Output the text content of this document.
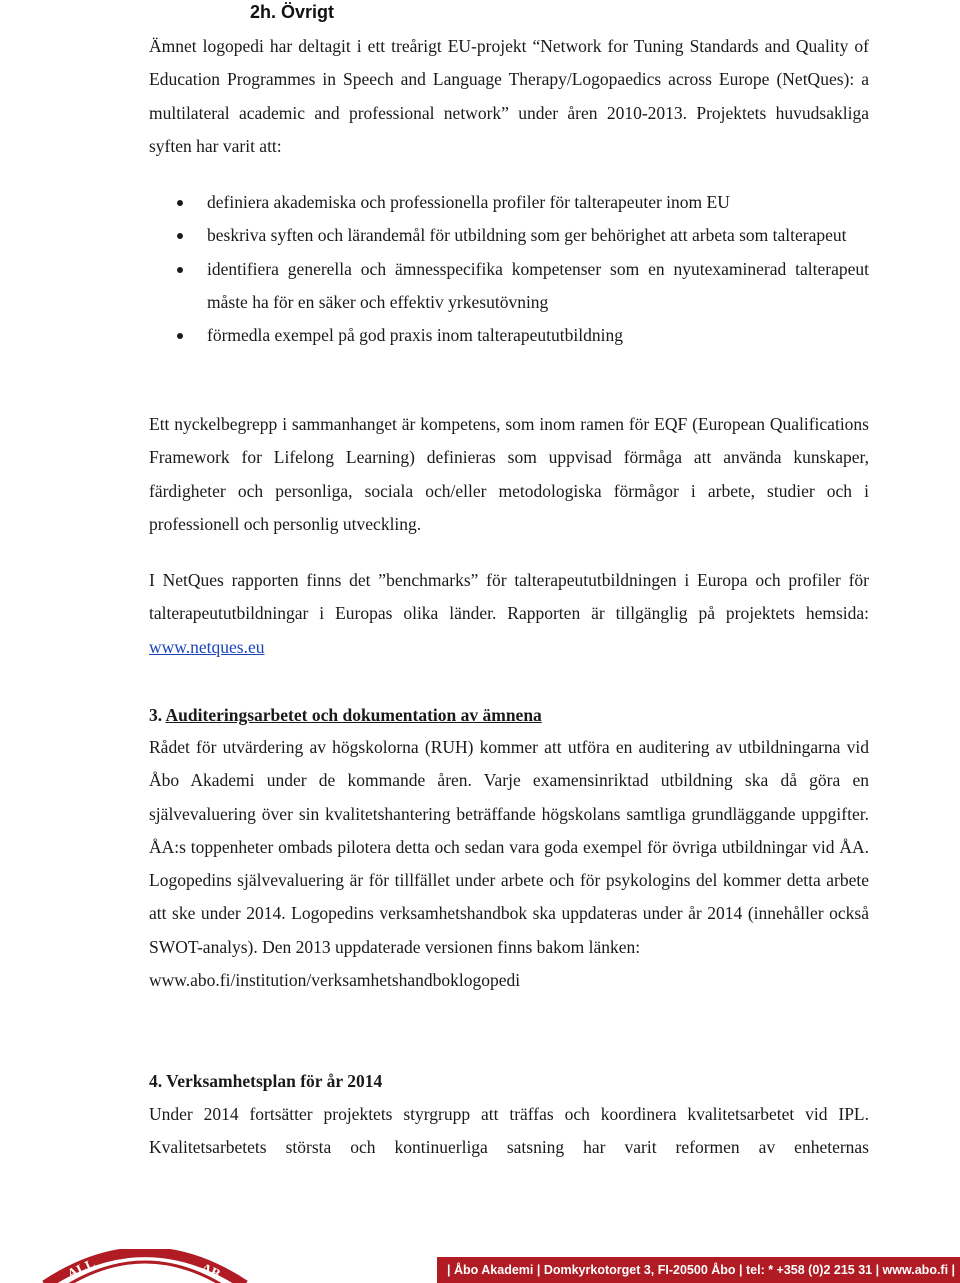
2h. Övrigt
Ämnet logopedi har deltagit i ett treårigt EU-projekt “Network for Tuning Standards and Quality of Education Programmes in Speech and Language Therapy/Logopaedics across Europe (NetQues): a multilateral academic and professional network” under åren 2010-2013. Projektets huvudsakliga syften har varit att:
definiera akademiska och professionella profiler för talterapeuter inom EU
beskriva syften och lärandemål för utbildning som ger behörighet att arbeta som talterapeut
identifiera generella och ämnesspecifika kompetenser som en nyutexaminerad talterapeut måste ha för en säker och effektiv yrkesutövning
förmedla exempel på god praxis inom talterapeututbildning
Ett nyckelbegrepp i sammanhanget är kompetens, som inom ramen för EQF (European Qualifications Framework for Lifelong Learning) definieras som uppvisad förmåga att använda kunskaper, färdigheter och personliga, sociala och/eller metodologiska förmågor i arbete, studier och i professionell och personlig utveckling.
I NetQues rapporten finns det ”benchmarks” för talterapeututbildningen i Europa och profiler för talterapeututbildningar i Europas olika länder. Rapporten är tillgänglig på projektets hemsida: www.netques.eu
3. Auditeringsarbetet och dokumentation av ämnena
Rådet för utvärdering av högskolorna (RUH) kommer att utföra en auditering av utbildningarna vid Åbo Akademi under de kommande åren. Varje examensinriktad utbildning ska då göra en självevaluering över sin kvalitetshantering beträffande högskolans samtliga grundläggande uppgifter. ÅA:s toppenheter ombads pilotera detta och sedan vara goda exempel för övriga utbildningar vid ÅA. Logopedins självevaluering är för tillfället under arbete och för psykologins del kommer detta arbete att ske under 2014. Logopedins verksamhetshandbok ska uppdateras under år 2014 (innehåller också SWOT-analys). Den 2013 uppdaterade versionen finns bakom länken:
www.abo.fi/institution/verksamhetshandboklogopedi
4. Verksamhetsplan för år 2014
Under 2014 fortsätter projektets styrgrupp att träffas och koordinera kvalitetsarbetet vid IPL. Kvalitetsarbetets största och kontinuerliga satsning har varit reformen av enheternas
ALL	AB	| Åbo Akademi | Domkyrkotorget 3, FI-20500 Åbo | tel: * +358 (0)2 215 31 | www.abo.fi |
